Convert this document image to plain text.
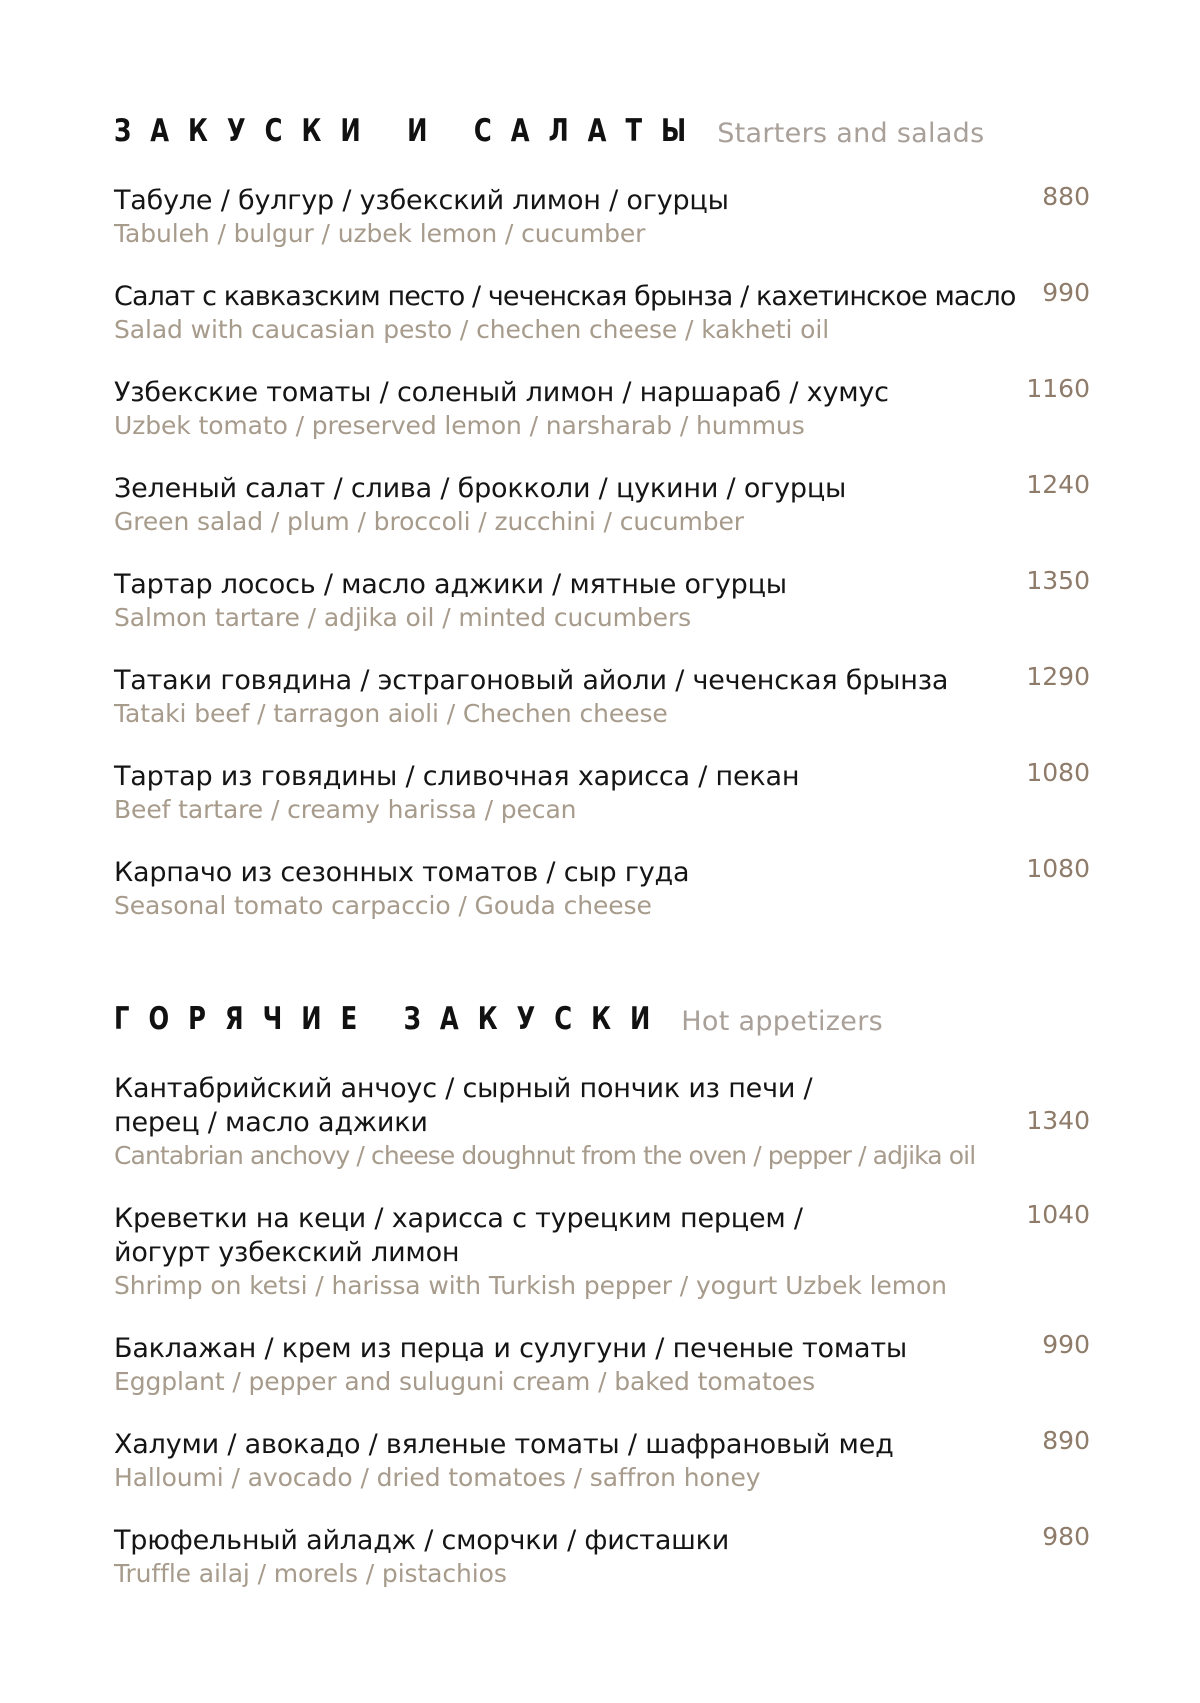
ЗАКУСКИ И САЛАТЫ Starters and salads
Табуле / булгур / узбекский лимон / огурцы
Tabuleh / bulgur / uzbek lemon / cucumber
880
Салат с кавказским песто / чеченская брынза / кахетинское масло
Salad with caucasian pesto / chechen cheese / kakheti oil
990
Узбекские томаты / соленый лимон / наршараб / хумус
Uzbek tomato / preserved lemon / narsharab / hummus
1160
Зеленый салат / слива / брокколи / цукини / огурцы
Green salad / plum / broccoli / zucchini / cucumber
1240
Тартар лосось / масло аджики / мятные огурцы
Salmon tartare / adjika oil / minted cucumbers
1350
Татаки говядина / эстрагоновый айоли / чеченская брынза
Tataki beef / tarragon aioli / Chechen cheese
1290
Тартар из говядины / сливочная харисса / пекан
Beef tartare / creamy harissa / pecan
1080
Карпачо из сезонных томатов / сыр гуда
Seasonal tomato carpaccio / Gouda cheese
1080
ГОРЯЧИЕ ЗАКУСКИ Hot appetizers
Кантабрийский анчоус / сырный пончик из печи /
перец / масло аджики
Cantabrian anchovy / cheese doughnut from the oven / pepper / adjika oil
1340
Креветки на кеци / харисса с турецким перцем /
йогурт узбекский лимон
Shrimp on ketsi / harissa with Turkish pepper / yogurt Uzbek lemon
1040
Баклажан / крем из перца и сулугуни / печеные томаты
Eggplant / pepper and suluguni cream / baked tomatoes
990
Халуми / авокадо / вяленые томаты / шафрановый мед
Halloumi / avocado / dried tomatoes / saffron honey
890
Трюфельный айладж / сморчки / фисташки
Truffle ailaj / morels / pistachios
980
